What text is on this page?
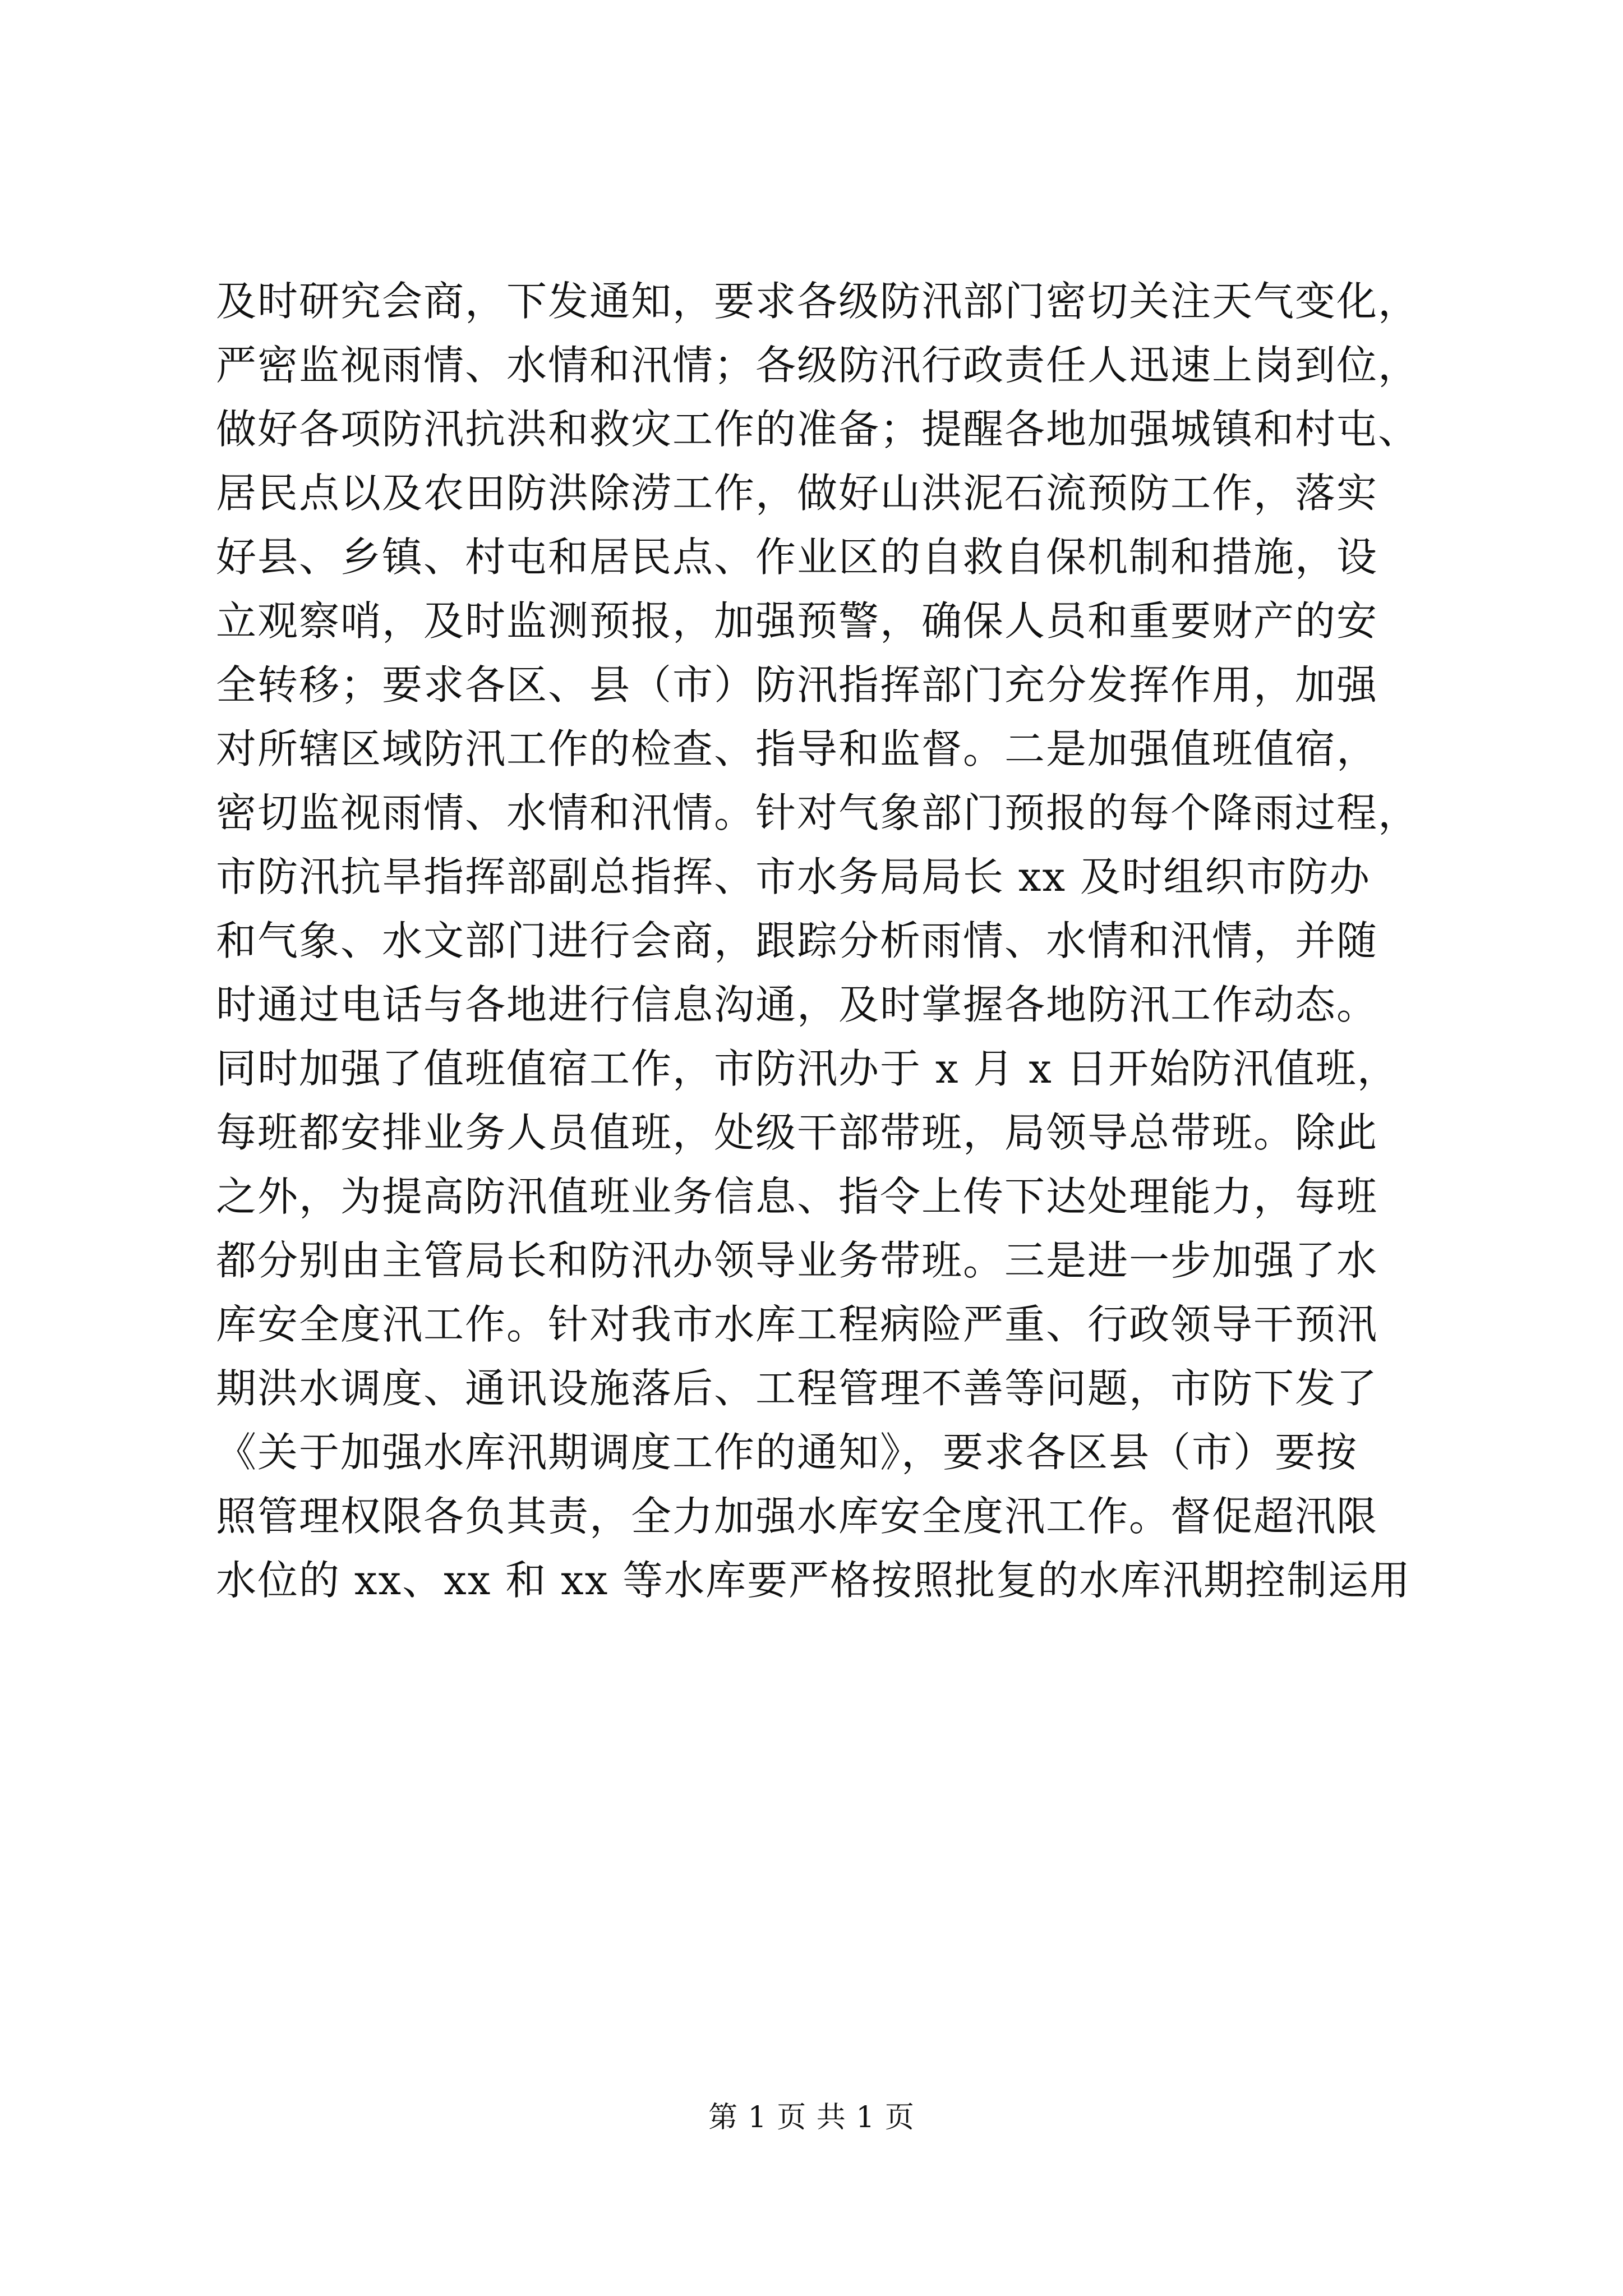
及时研究会商，下发通知，要求各级防汛部门密切关注天气变化，
严密监视雨情、水情和汛情；各级防汛行政责任人迅速上岗到位，
做好各项防汛抗洪和救灾工作的准备；提醒各地加强城镇和村屯、
居民点以及农田防洪除涝工作，做好山洪泥石流预防工作，落实
好县、乡镇、村屯和居民点、作业区的自救自保机制和措施，设
立观察哨，及时监测预报，加强预警，确保人员和重要财产的安
全转移；要求各区、县（市）防汛指挥部门充分发挥作用，加强
对所辖区域防汛工作的检查、指导和监督。二是加强值班值宿，
密切监视雨情、水情和汛情。针对气象部门预报的每个降雨过程，
市防汛抗旱指挥部副总指挥、市水务局局长 xx 及时组织市防办
和气象、水文部门进行会商，跟踪分析雨情、水情和汛情，并随
时通过电话与各地进行信息沟通，及时掌握各地防汛工作动态。
同时加强了值班值宿工作，市防汛办于 x 月 x 日开始防汛值班，
每班都安排业务人员值班，处级干部带班，局领导总带班。除此
之外，为提高防汛值班业务信息、指令上传下达处理能力，每班
都分别由主管局长和防汛办领导业务带班。三是进一步加强了水
库安全度汛工作。针对我市水库工程病险严重、行政领导干预汛
期洪水调度、通讯设施落后、工程管理不善等问题，市防下发了
《关于加强水库汛期调度工作的通知》，要求各区县（市）要按
照管理权限各负其责，全力加强水库安全度汛工作。督促超汛限
水位的 xx、xx 和 xx 等水库要严格按照批复的水库汛期控制运用
第 1 页 共 1 页
